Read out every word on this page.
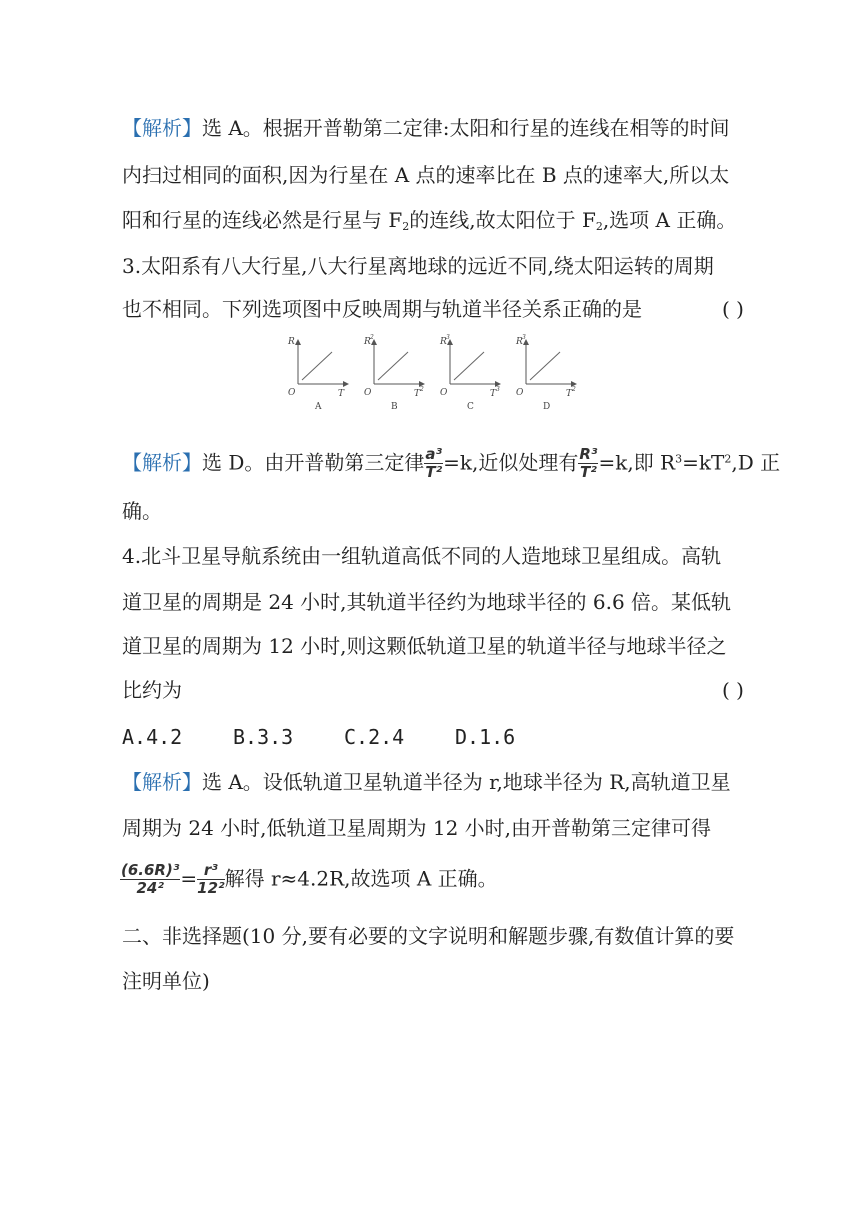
【解析】选 A。根据开普勒第二定律:太阳和行星的连线在相等的时间
内扫过相同的面积,因为行星在 A 点的速率比在 B 点的速率大,所以太
阳和行星的连线必然是行星与 $F_2$的连线,故太阳位于 $F_2$,选项 A 正确。
3.太阳系有八大行星,八大行星离地球的远近不同,绕太阳运转的周期
也不相同。下列选项图中反映周期与轨道半径关系正确的是	( )
R
O	T
A
R 2
O	T 2
B
R 3
O	T 3
C
R 3
O	T 2
D
【解析】选 D。由开普勒第三定律 $\frac{\text{a³}}{\text{T²}} =k$,近似处理有 $\frac{\text{R³}}{\text{T²}} =k$,即 $R^3=kT^2,D$ 正
确。
4.北斗卫星导航系统由一组轨道高低不同的人造地球卫星组成。高轨
道卫星的周期是 24 小时,其轨道半径约为地球半径的 6.6 倍。某低轨
道卫星的周期为 12 小时,则这颗低轨道卫星的轨道半径与地球半径之
比约为	( )
A.4.2	B.3.3	C.2.4	D.1.6
【解析】选 A。设低轨道卫星轨道半径为 r,地球半径为 R,高轨道卫星
周期为 24 小时,低轨道卫星周期为 12 小时,由开普勒第三定律可得
$\frac{\text{(6.6R)³}}{\text{24²}} = \frac{\text{r³}}{\text{12²}}$ 解得 r≈4.2R,故选项 A 正确。
二、非选择题(10 分,要有必要的文字说明和解题步骤,有数值计算的要
注明单位)
